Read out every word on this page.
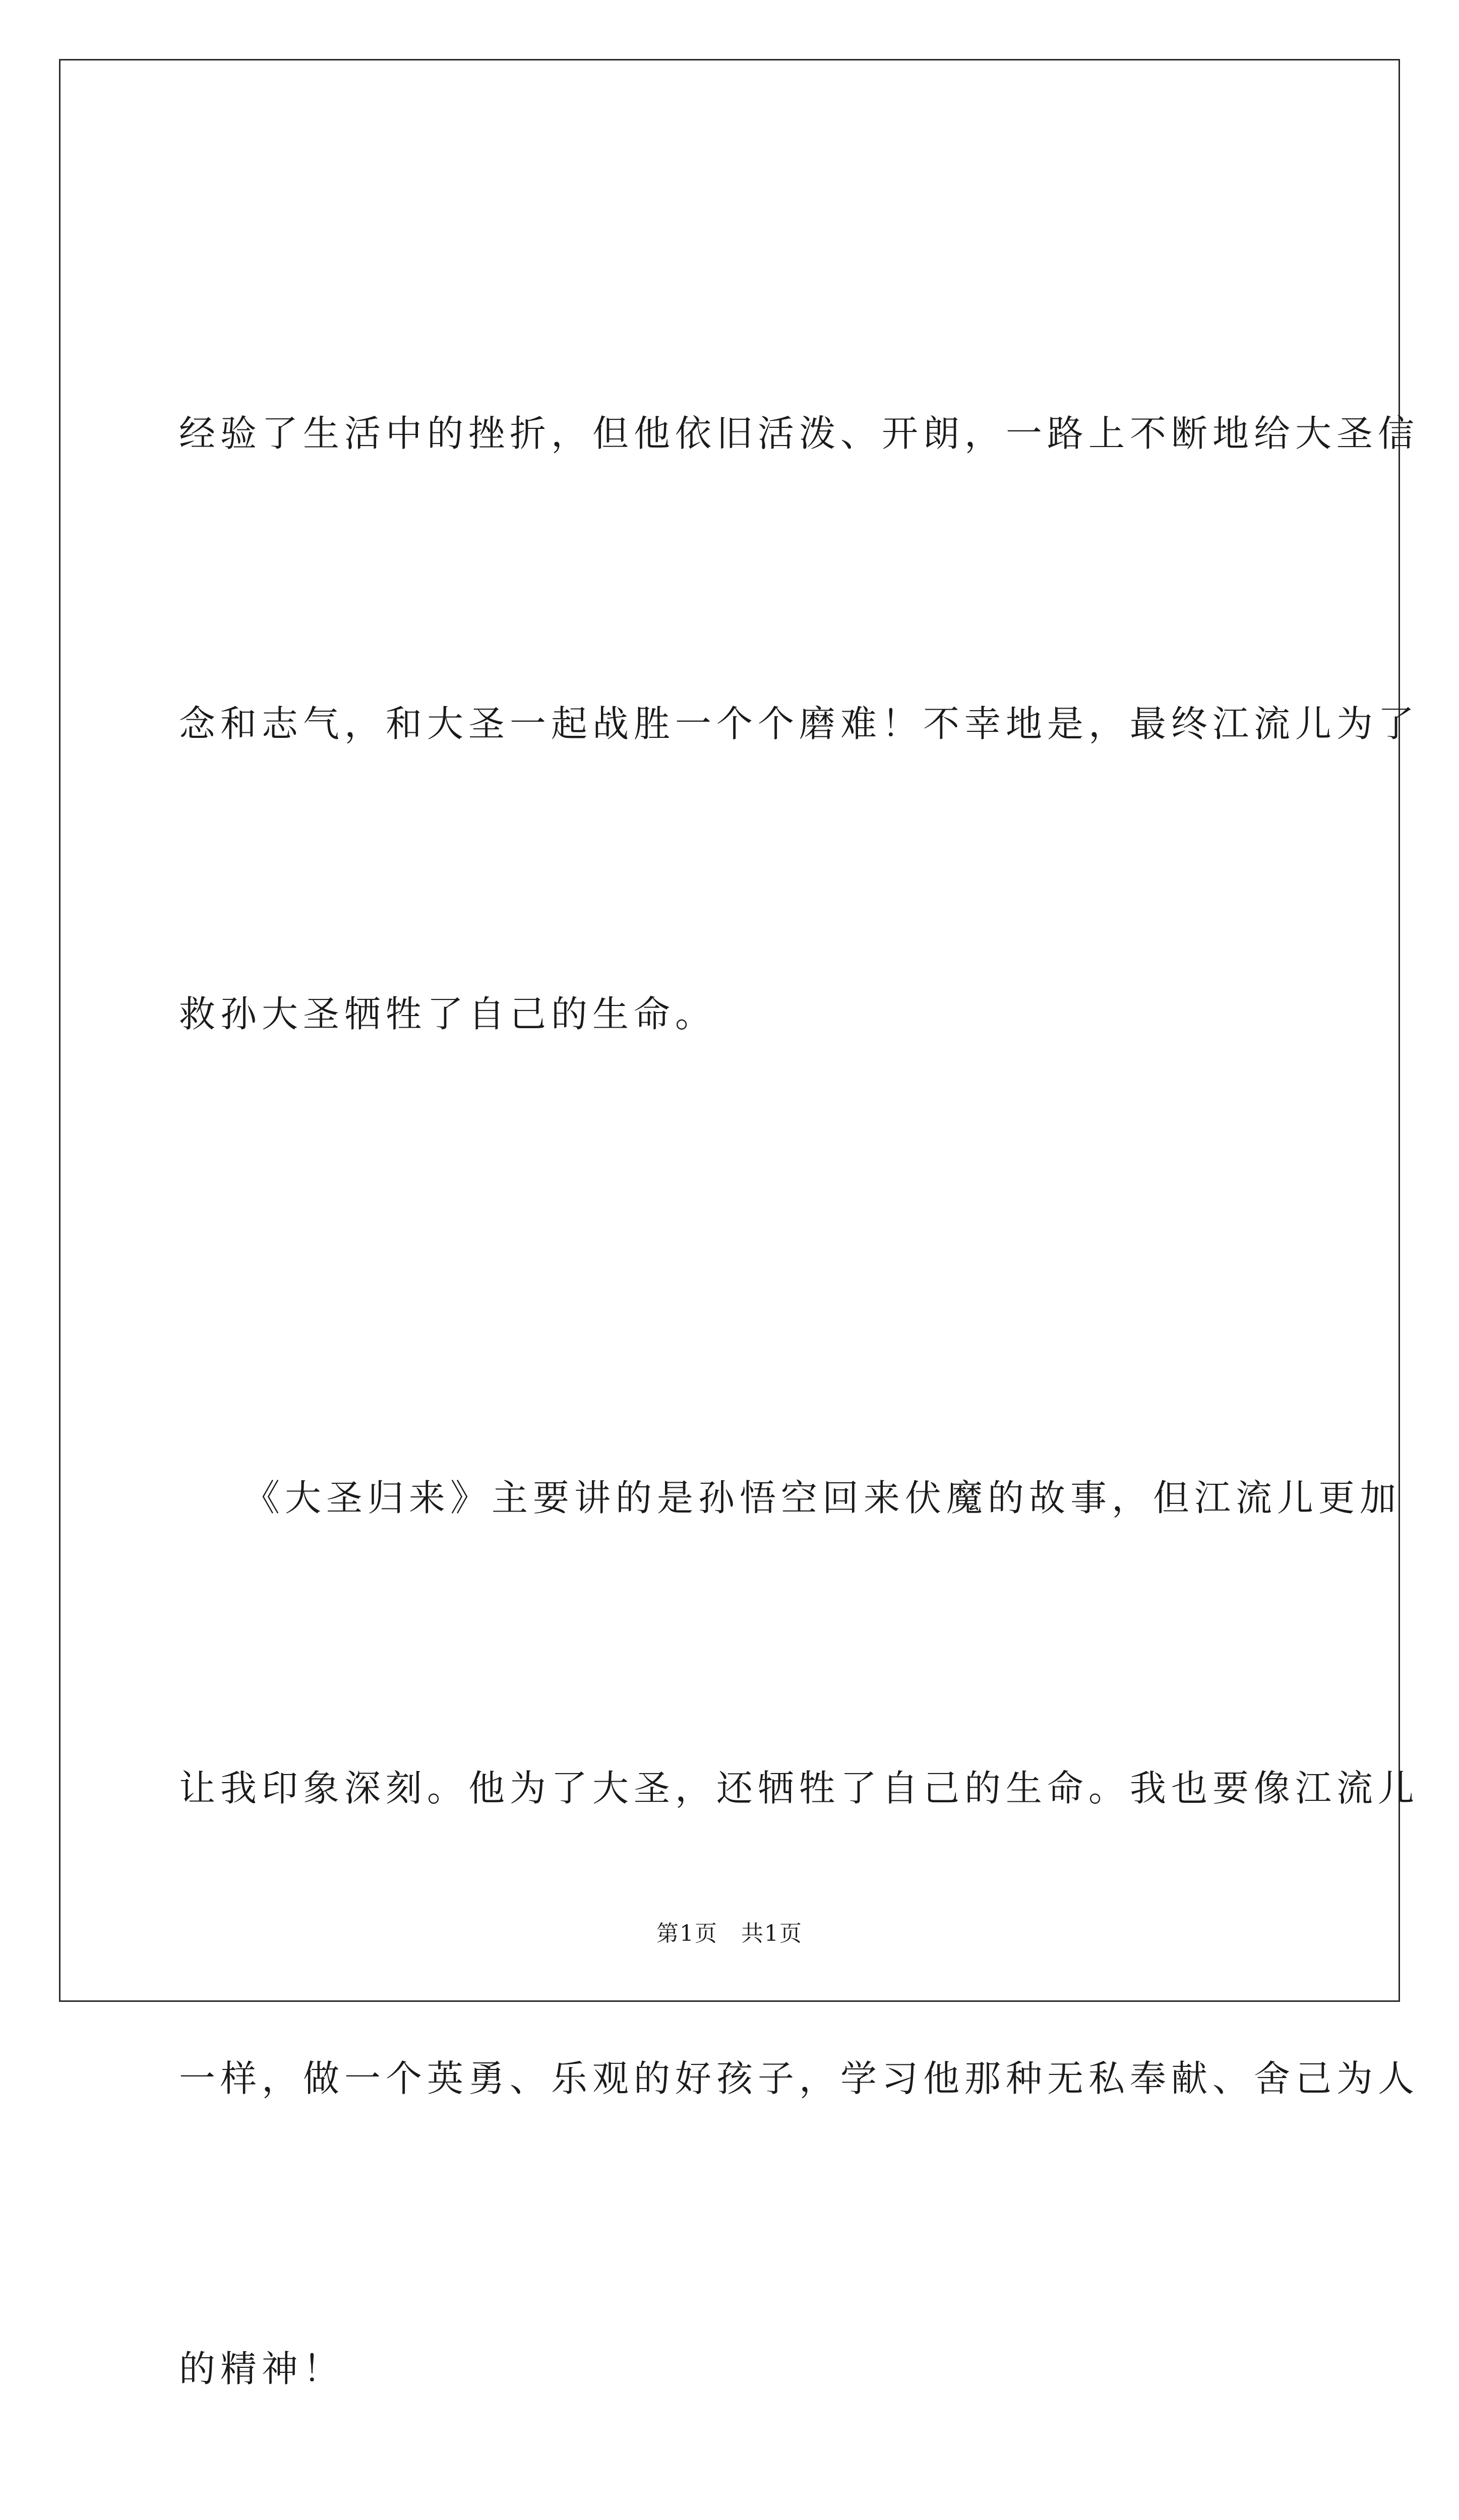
经验了生活中的挫折，但他依旧活泼、开朗，一路上不断地给大圣信

念和志气，和大圣一起战胜一个个磨难！不幸地是，最终江流儿为了

救孙大圣牺牲了自己的生命。

　　《大圣归来》主要讲的是孙悟空回来伏魔的故事，但江流儿更加

让我印象深刻。他为了大圣，还牺牲了自己的生命。我也要像江流儿

一样，做一个英勇、乐观的好孩子，学习他那种无私奉献、舍己为人

的精神！

第1页　共1页
